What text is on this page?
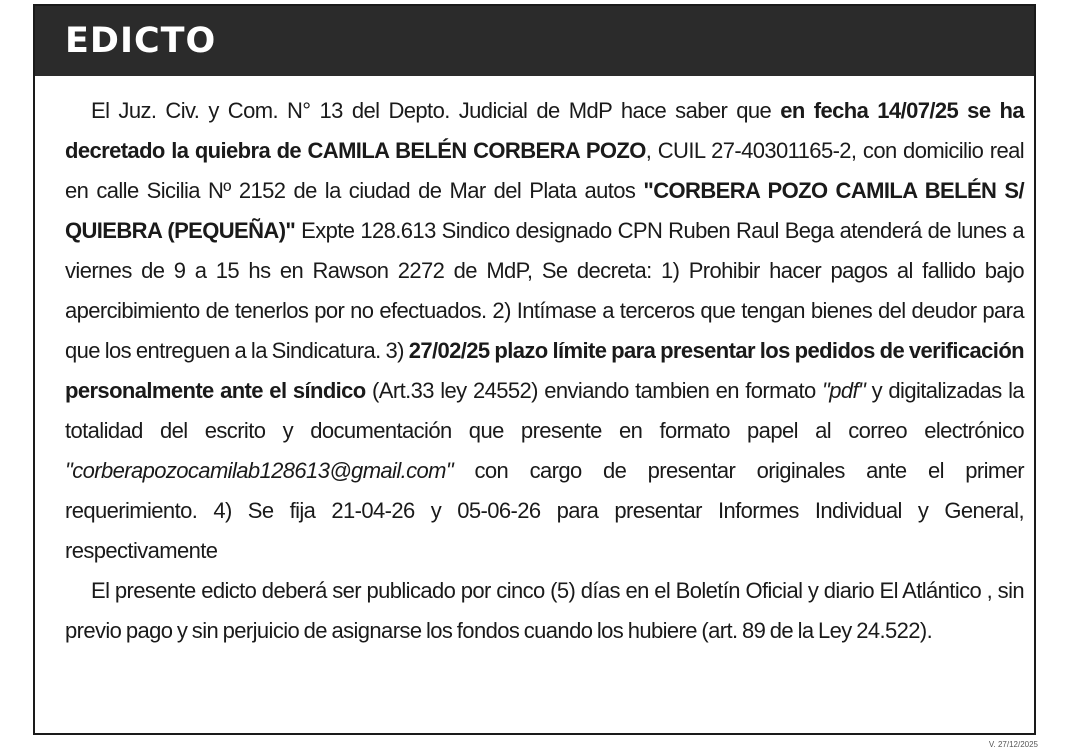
EDICTO

El Juz. Civ. y Com. N° 13 del Depto. Judicial de MdP hace saber que en fecha 14/07/25 se ha decretado la quiebra de CAMILA BELÉN CORBERA POZO, CUIL 27-40301165-2, con domicilio real en calle Sicilia Nº 2152 de la ciudad de Mar del Plata autos "CORBERA POZO CAMILA BELÉN S/ QUIEBRA (PEQUEÑA)" Expte 128.613 Sindico designado CPN Ruben Raul Bega atenderá de lunes a viernes de 9 a 15 hs en Rawson 2272 de MdP, Se decreta: 1) Prohibir hacer pagos al fallido bajo apercibimiento de tenerlos por no efectuados. 2) Intímase a terceros que tengan bienes del deudor para que los entreguen a la Sindicatura. 3) 27/02/25 plazo límite para presentar los pedidos de verificación personalmente ante el síndico (Art.33 ley 24552) enviando tambien en formato "pdf" y digitalizadas la totalidad del escrito y documentación que presente en formato papel al correo electrónico "corberapozocamilab128613@gmail.com" con cargo de presentar originales ante el primer requerimiento. 4) Se fija 21-04-26 y 05-06-26 para presentar Informes Individual y General, respectivamente

El presente edicto deberá ser publicado por cinco (5) días en el Boletín Oficial y diario El Atlántico , sin previo pago y sin perjuicio de asignarse los fondos cuando los hubiere (art. 89 de la Ley 24.522).

V. 27/12/2025
